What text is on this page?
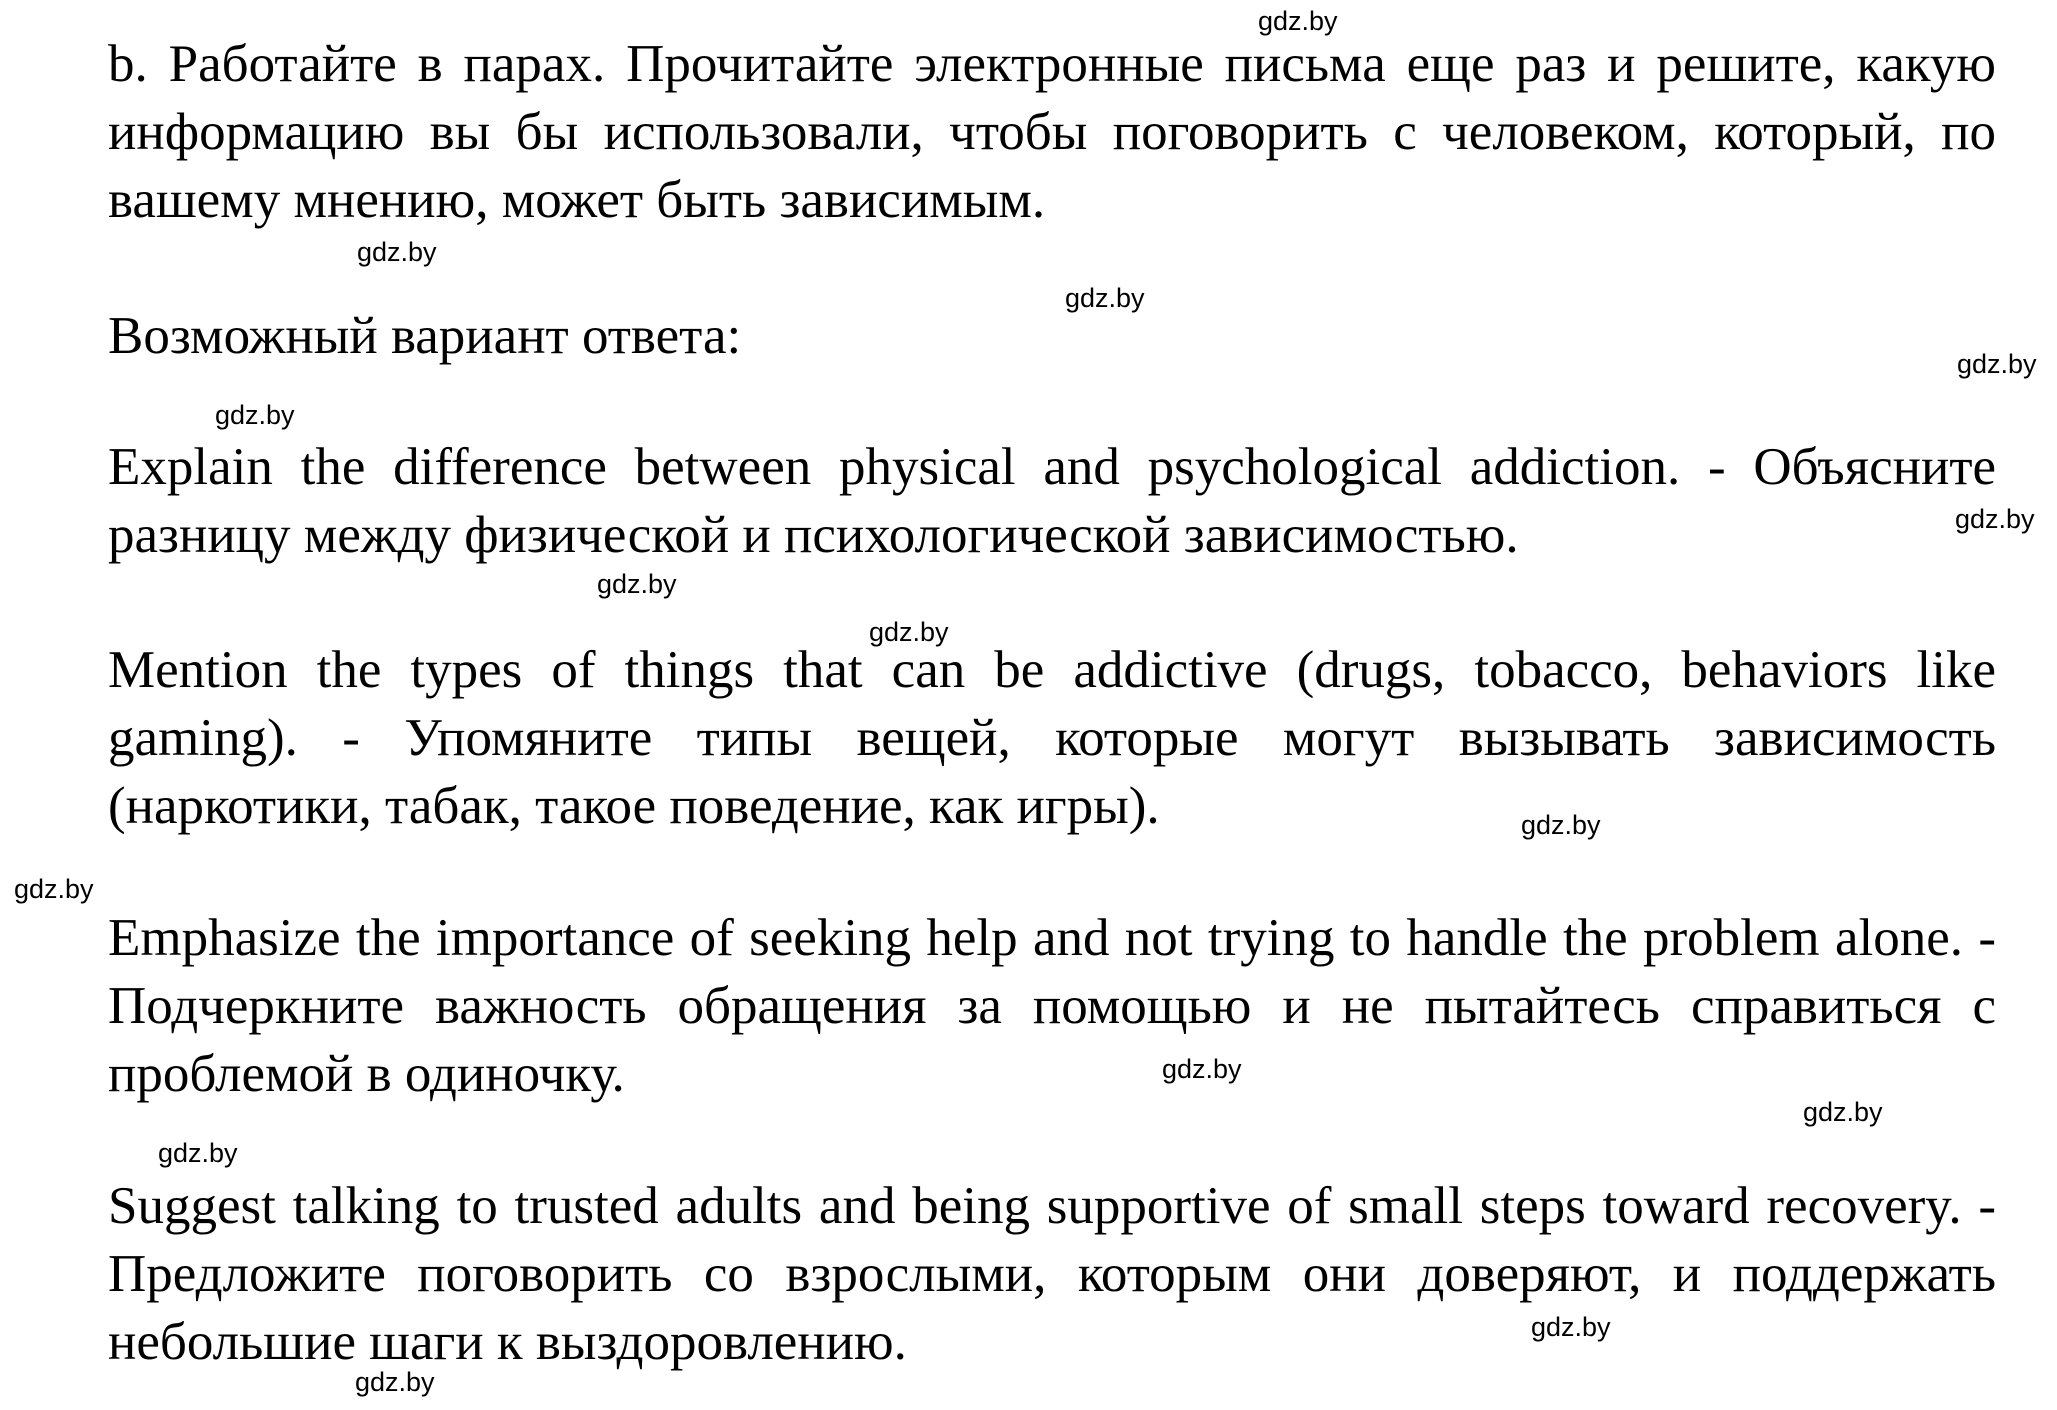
b. Работайте в парах. Прочитайте электронные письма еще раз и решите, какую информацию вы бы использовали, чтобы поговорить с человеком, который, по вашему мнению, может быть зависимым.

Возможный вариант ответа:

Explain the difference between physical and psychological addiction. - Объясните разницу между физической и психологической зависимостью.

Mention the types of things that can be addictive (drugs, tobacco, behaviors like gaming). - Упомяните типы вещей, которые могут вызывать зависимость (наркотики, табак, такое поведение, как игры).

Emphasize the importance of seeking help and not trying to handle the problem alone. - Подчеркните важность обращения за помощью и не пытайтесь справиться с проблемой в одиночку.

Suggest talking to trusted adults and being supportive of small steps toward recovery. - Предложите поговорить со взрослыми, которым они доверяют, и поддержать небольшие шаги к выздоровлению.

gdz.by
gdz.by
gdz.by
gdz.by
gdz.by
gdz.by
gdz.by
gdz.by
gdz.by
gdz.by
gdz.by
gdz.by
gdz.by
gdz.by
gdz.by
